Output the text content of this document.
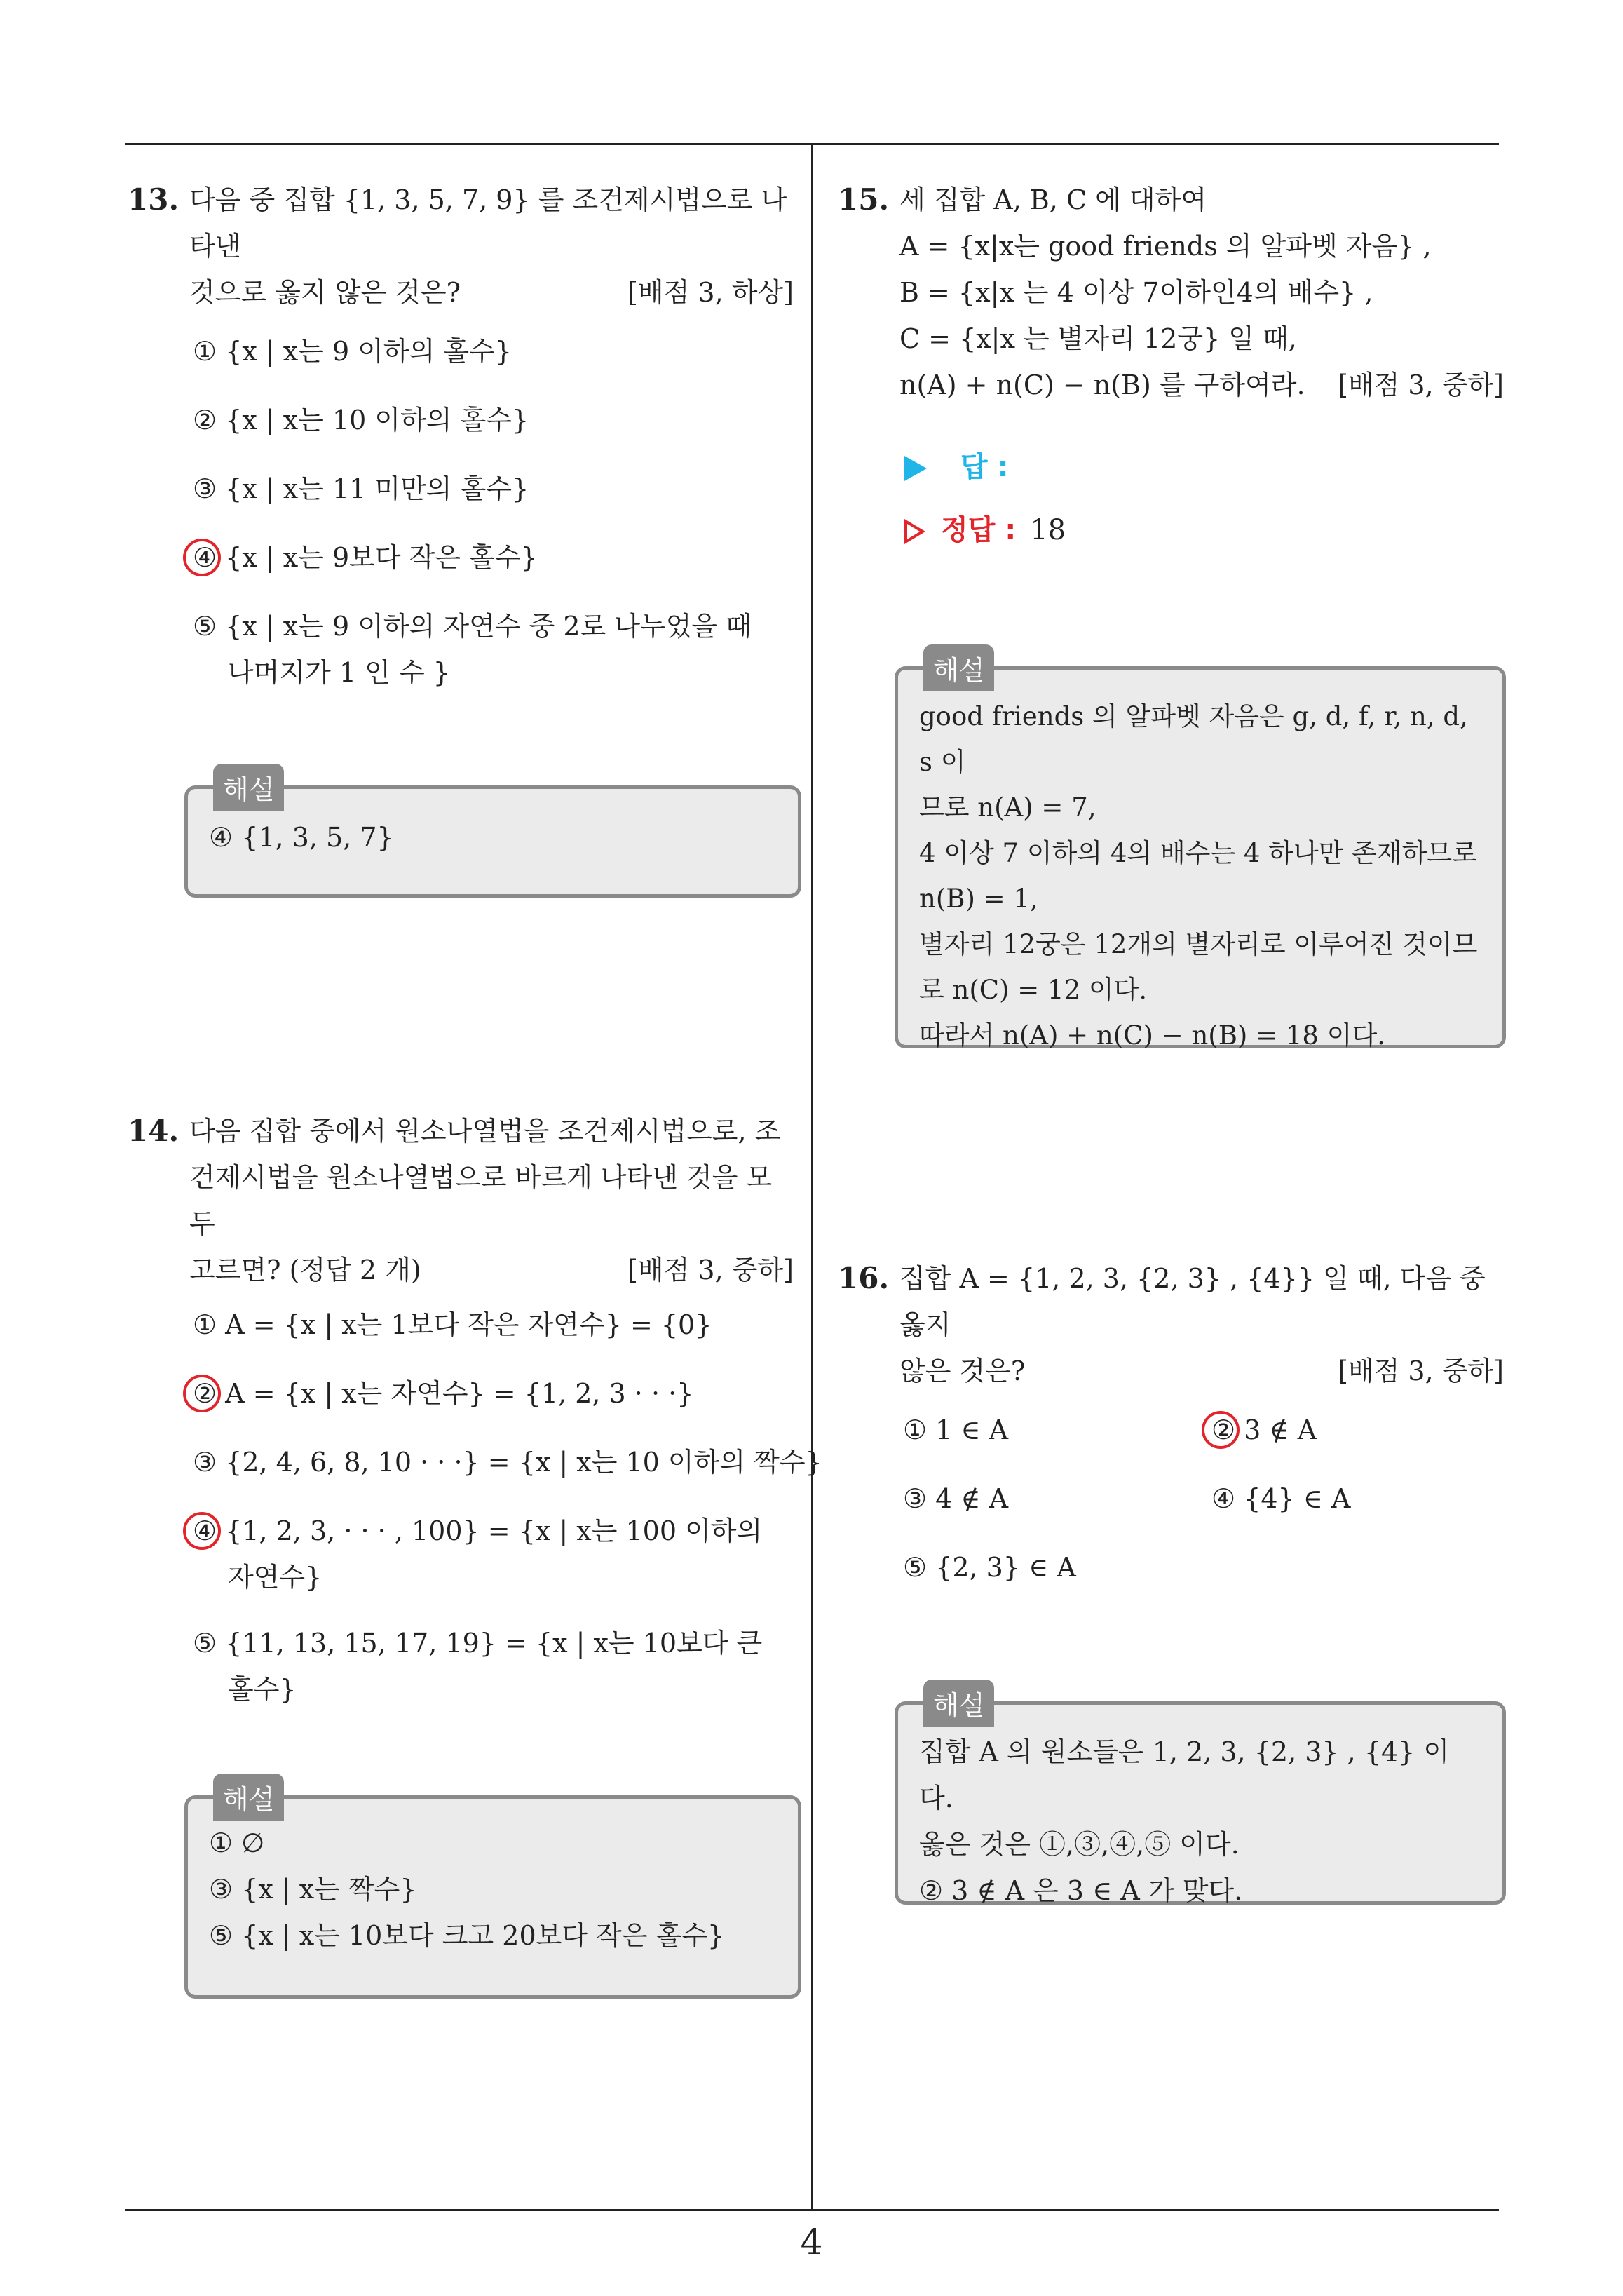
13. 다음 중 집합 {1, 3, 5, 7, 9} 를 조건제시법으로 나타낸
것으로 옳지 않은 것은?	[배점 3, 하상]
① {x | x는 9 이하의 홀수}
② {x | x는 10 이하의 홀수}
③ {x | x는 11 미만의 홀수}
④ {x | x는 9보다 작은 홀수}
⑤ {x | x는 9 이하의 자연수 중 2로 나누었을 때
나머지가 1 인 수 }
해설
④ {1, 3, 5, 7}
14. 다음 집합 중에서 원소나열법을 조건제시법으로, 조
건제시법을 원소나열법으로 바르게 나타낸 것을 모두
고르면? (정답 2 개)	[배점 3, 중하]
① A = {x | x는 1보다 작은 자연수} = {0}
② A = {x | x는 자연수} = {1, 2, 3 · · ·}
③ {2, 4, 6, 8, 10 · · ·} = {x | x는 10 이하의 짝수}
④ {1, 2, 3, · · · , 100} = {x | x는 100 이하의
자연수}
⑤ {11, 13, 15, 17, 19} = {x | x는 10보다 큰
홀수}
해설
① ∅
③ {x | x는 짝수}
⑤ {x | x는 10보다 크고 20보다 작은 홀수}
15. 세 집합 A, B, C 에 대하여
A = {x|x는 good friends 의 알파벳 자음} ,
B = {x|x 는 4 이상 7이하인4의 배수} ,
C = {x|x 는 별자리 12궁} 일 때,
n(A) + n(C) − n(B) 를 구하여라.	[배점 3, 중하]
답 :
정답 : 18
해설
good friends 의 알파벳 자음은 g, d, f, r, n, d, s 이
므로 n(A) = 7,
4 이상 7 이하의 4의 배수는 4 하나만 존재하므로
n(B) = 1,
별자리 12궁은 12개의 별자리로 이루어진 것이므
로 n(C) = 12 이다.
따라서 n(A) + n(C) − n(B) = 18 이다.
16. 집합 A = {1, 2, 3, {2, 3} , {4}} 일 때, 다음 중 옳지
않은 것은?	[배점 3, 중하]
① 1 ∈ A	② 3 ∉ A
③ 4 ∉ A	④ {4} ∈ A
⑤ {2, 3} ∈ A
해설
집합 A 의 원소들은 1, 2, 3, {2, 3} , {4} 이다.
옳은 것은 ①,③,④,⑤ 이다.
② 3 ∉ A 은 3 ∈ A 가 맞다.
4
